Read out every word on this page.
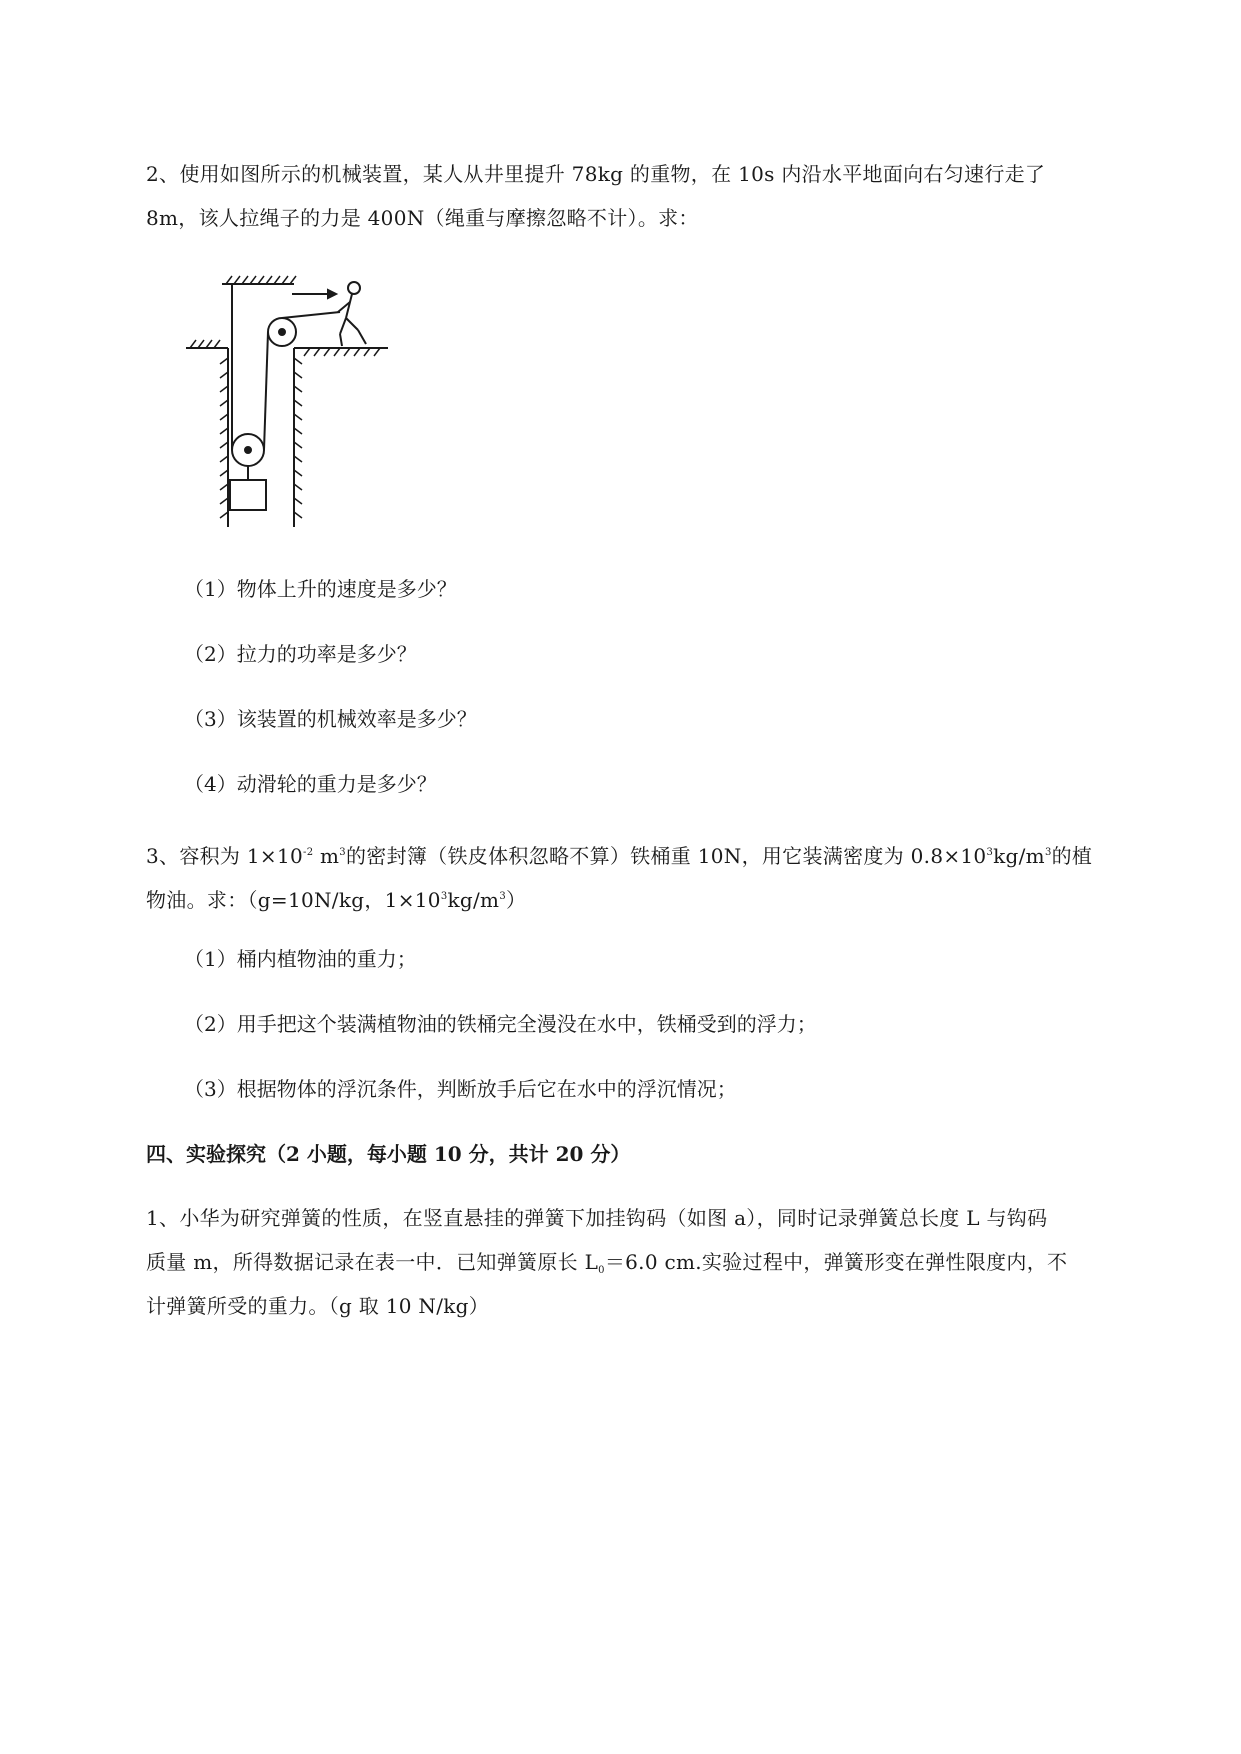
2、使用如图所示的机械装置，某人从井里提升 78kg 的重物，在 10s 内沿水平地面向右匀速行走了
8m，该人拉绳子的力是 400N（绳重与摩擦忽略不计）。求：

（1）物体上升的速度是多少？

（2）拉力的功率是多少？

（3）该装置的机械效率是多少？

（4）动滑轮的重力是多少？

3、容积为 $1\times 10^{-2}$ $m^3$的密封簿（铁皮体积忽略不算）铁桶重 10N，用它装满密度为 $0.8\times 10^3kg/m^3$的植
物油。求：（g=10N/kg，$1\times 10^3kg/m^3$）

（1）桶内植物油的重力；

（2）用手把这个装满植物油的铁桶完全漫没在水中，铁桶受到的浮力；

（3）根据物体的浮沉条件，判断放手后它在水中的浮沉情况；

四、实验探究（2 小题，每小题 10 分，共计 20 分）

1、小华为研究弹簧的性质，在竖直悬挂的弹簧下加挂钩码（如图 a），同时记录弹簧总长度 L 与钩码
质量 m，所得数据记录在表一中．已知弹簧原长 $L_0=6.0$ cm.实验过程中，弹簧形变在弹性限度内，不
计弹簧所受的重力。（g 取 10 N/kg）
